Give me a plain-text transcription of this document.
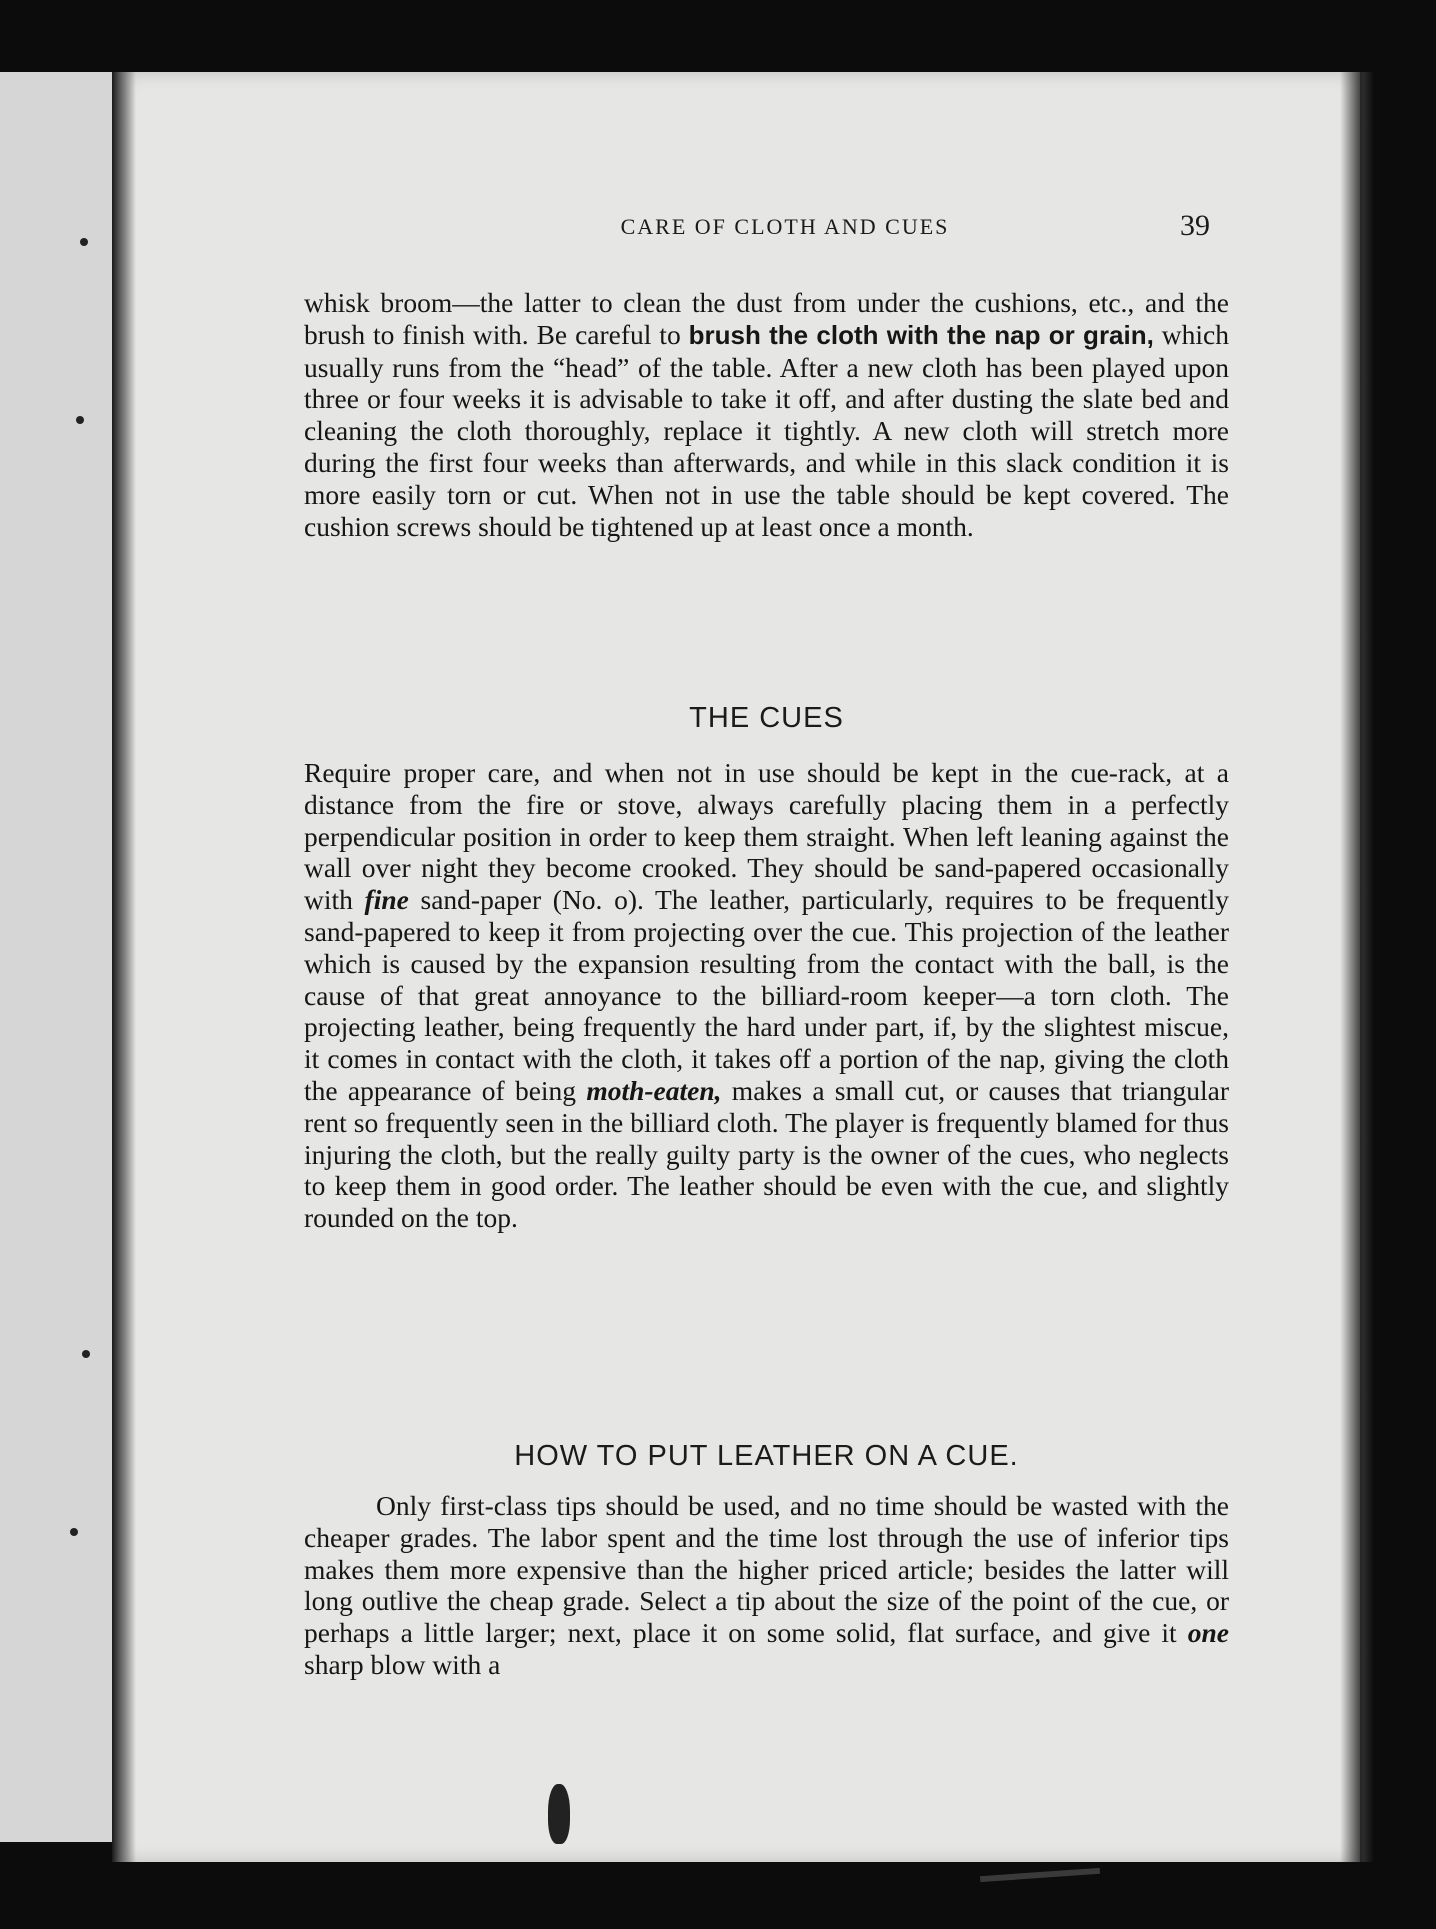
CARE OF CLOTH AND CUES	39
whisk broom—the latter to clean the dust from under the cushions, etc., and the brush to finish with. Be careful to brush the cloth with the nap or grain, which usually runs from the “head” of the table. After a new cloth has been played upon three or four weeks it is advisable to take it off, and after dusting the slate bed and cleaning the cloth thoroughly, replace it tightly. A new cloth will stretch more during the first four weeks than afterwards, and while in this slack condition it is more easily torn or cut. When not in use the table should be kept covered. The cushion screws should be tightened up at least once a month.
THE CUES
Require proper care, and when not in use should be kept in the cue-rack, at a distance from the fire or stove, always carefully placing them in a perfectly perpendicular position in order to keep them straight. When left leaning against the wall over night they become crooked. They should be sand-papered occasionally with fine sand-paper (No. o). The leather, particularly, requires to be frequently sand-papered to keep it from projecting over the cue. This projection of the leather which is caused by the expansion resulting from the contact with the ball, is the cause of that great annoyance to the billiard-room keeper—a torn cloth. The projecting leather, being frequently the hard under part, if, by the slightest miscue, it comes in contact with the cloth, it takes off a portion of the nap, giving the cloth the appearance of being moth-eaten, makes a small cut, or causes that triangular rent so frequently seen in the billiard cloth. The player is frequently blamed for thus injuring the cloth, but the really guilty party is the owner of the cues, who neglects to keep them in good order. The leather should be even with the cue, and slightly rounded on the top.
HOW TO PUT LEATHER ON A CUE.
Only first-class tips should be used, and no time should be wasted with the cheaper grades. The labor spent and the time lost through the use of inferior tips makes them more expensive than the higher priced article; besides the latter will long outlive the cheap grade. Select a tip about the size of the point of the cue, or perhaps a little larger; next, place it on some solid, flat surface, and give it one sharp blow with a
